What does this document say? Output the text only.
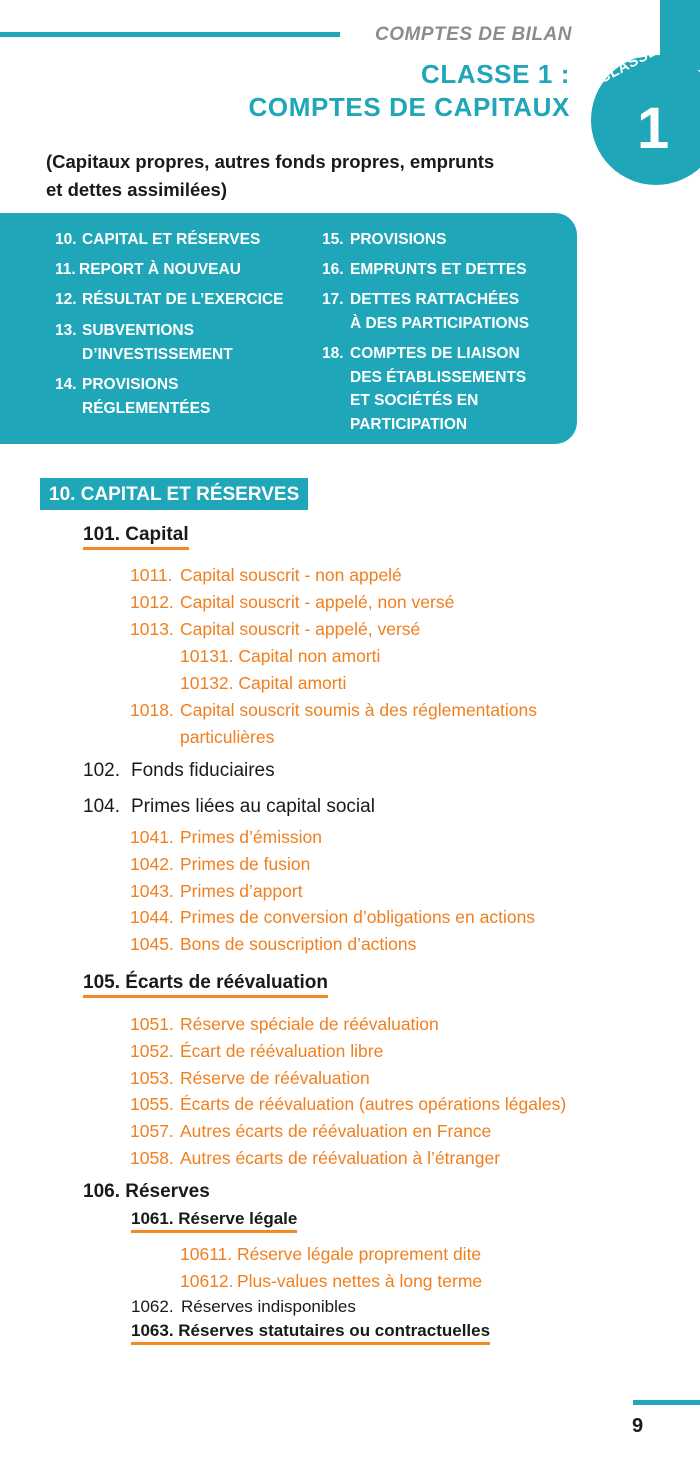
COMPTES DE BILAN
CLASSE 1 :
COMPTES DE CAPITAUX
CLASSE
1
(Capitaux propres, autres fonds propres, emprunts
et dettes assimilées)
10. CAPITAL ET RÉSERVES
11. REPORT À NOUVEAU
12. RÉSULTAT DE L’EXERCICE
13. SUBVENTIONS
D’INVESTISSEMENT
14. PROVISIONS
RÉGLEMENTÉES
15. PROVISIONS
16. EMPRUNTS ET DETTES
17. DETTES RATTACHÉES
À DES PARTICIPATIONS
18. COMPTES DE LIAISON
DES ÉTABLISSEMENTS
ET SOCIÉTÉS EN
PARTICIPATION
10. CAPITAL ET RÉSERVES
101. Capital
1011. Capital souscrit - non appelé
1012. Capital souscrit - appelé, non versé
1013. Capital souscrit - appelé, versé
10131. Capital non amorti
10132. Capital amorti
1018. Capital souscrit soumis à des réglementations
particulières
102. Fonds fiduciaires
104. Primes liées au capital social
1041. Primes d’émission
1042. Primes de fusion
1043. Primes d’apport
1044. Primes de conversion d’obligations en actions
1045. Bons de souscription d’actions
105. Écarts de réévaluation
1051. Réserve spéciale de réévaluation
1052. Écart de réévaluation libre
1053. Réserve de réévaluation
1055. Écarts de réévaluation (autres opérations légales)
1057. Autres écarts de réévaluation en France
1058. Autres écarts de réévaluation à l’étranger
106. Réserves
1061. Réserve légale
10611. Réserve légale proprement dite
10612. Plus-values nettes à long terme
1062. Réserves indisponibles
1063. Réserves statutaires ou contractuelles
9
